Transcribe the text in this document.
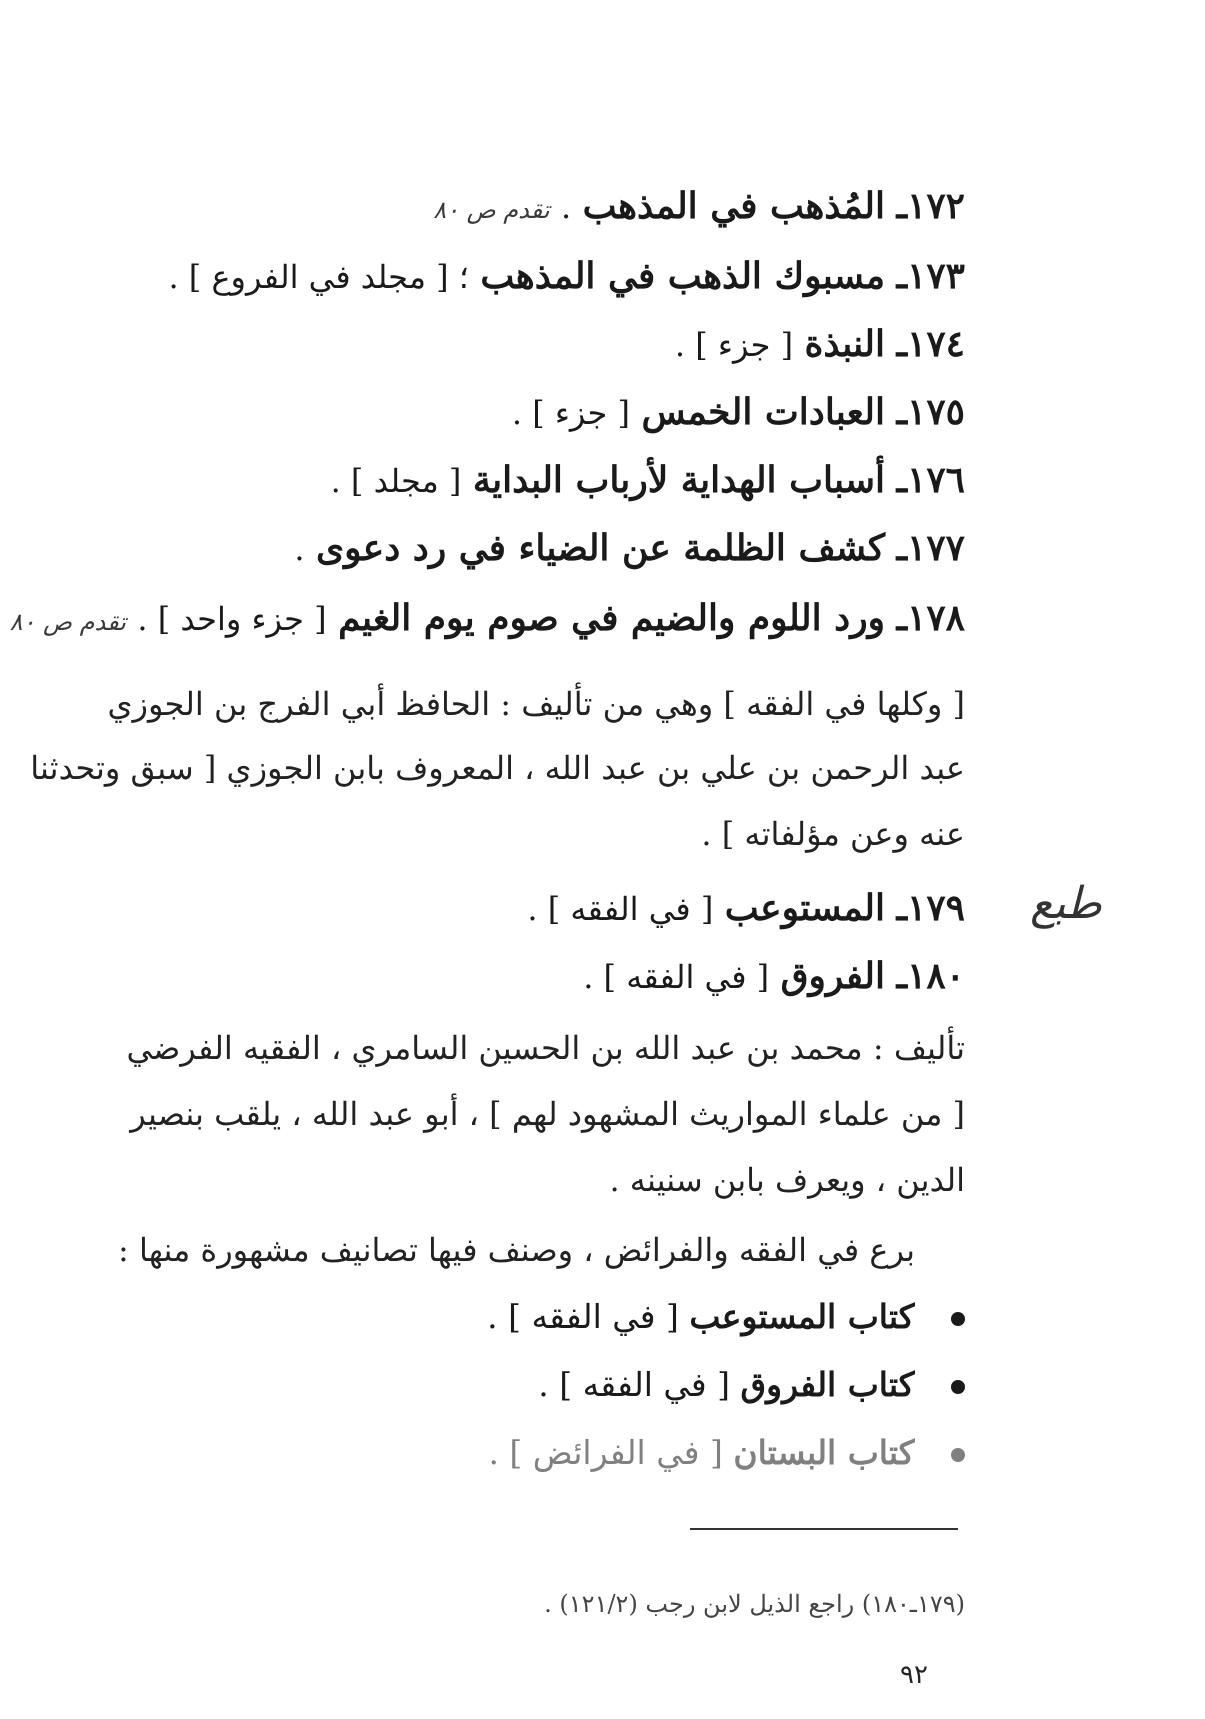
١٧٢ـ المُذهب في المذهب . تقدم ص ٨٠
١٧٣ـ مسبوك الذهب في المذهب ؛ [ مجلد في الفروع ] .
١٧٤ـ النبذة [ جزء ] .
١٧٥ـ العبادات الخمس [ جزء ] .
١٧٦ـ أسباب الهداية لأرباب البداية [ مجلد ] .
١٧٧ـ كشف الظلمة عن الضياء في رد دعوى .
١٧٨ـ ورد اللوم والضيم في صوم يوم الغيم [ جزء واحد ] . تقدم ص ٨٠
[ وكلها في الفقه ] وهي من تأليف : الحافظ أبي الفرج بن الجوزي
عبد الرحمن بن علي بن عبد الله ، المعروف بابن الجوزي [ سبق وتحدثنا
عنه وعن مؤلفاته ] .
١٧٩ـ المستوعب [ في الفقه ] .	طبع
١٨٠ـ الفروق [ في الفقه ] .
تأليف : محمد بن عبد الله بن الحسين السامري ، الفقيه الفرضي
[ من علماء المواريث المشهود لهم ] ، أبو عبد الله ، يلقب بنصير
الدين ، ويعرف بابن سنينه .
برع في الفقه والفرائض ، وصنف فيها تصانيف مشهورة منها :
كتاب المستوعب [ في الفقه ] .
كتاب الفروق [ في الفقه ] .
كتاب البستان [ في الفرائض ] .
(١٧٩ـ١٨٠) راجع الذيل لابن رجب (١٢١/٢) .
٩٢
